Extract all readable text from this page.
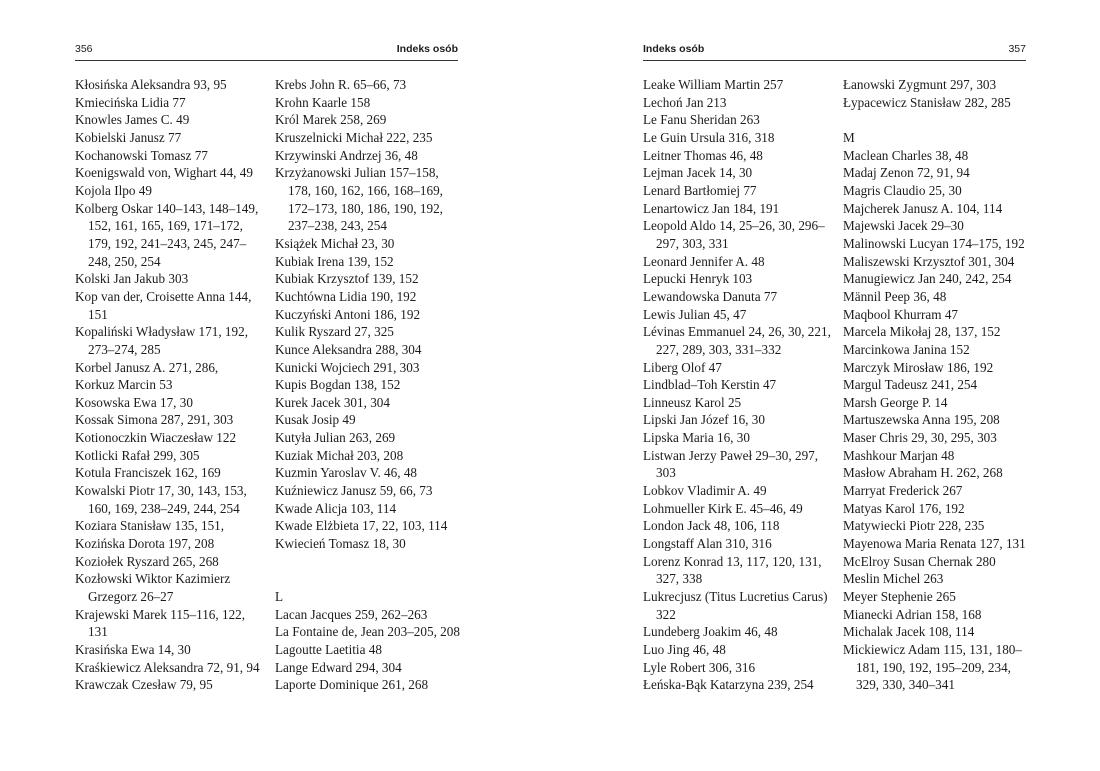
356	Indeks osób
Kłosińska Aleksandra 93, 95
Kmiecińska Lidia 77
Knowles James C. 49
Kobielski Janusz 77
Kochanowski Tomasz 77
Koenigswald von, Wighart 44, 49
Kojola Ilpo 49
Kolberg Oskar 140–143, 148–149, 152, 161, 165, 169, 171–172, 179, 192, 241–243, 245, 247–248, 250, 254
Kolski Jan Jakub 303
Kop van der, Croisette Anna 144, 151
Kopaliński Władysław 171, 192, 273–274, 285
Korbel Janusz A. 271, 286,
Korkuz Marcin 53
Kosowska Ewa 17, 30
Kossak Simona 287, 291, 303
Kotionoczkin Wiaczesław 122
Kotlicki Rafał 299, 305
Kotula Franciszek 162, 169
Kowalski Piotr 17, 30, 143, 153, 160, 169, 238–249, 244, 254
Koziara Stanisław 135, 151,
Kozińska Dorota 197, 208
Koziołek Ryszard 265, 268
Kozłowski Wiktor Kazimierz Grzegorz 26–27
Krajewski Marek 115–116, 122, 131
Krasińska Ewa 14, 30
Kraśkiewicz Aleksandra 72, 91, 94
Krawczak Czesław 79, 95
Krebs John R. 65–66, 73
Krohn Kaarle 158
Król Marek 258, 269
Kruszelnicki Michał 222, 235
Krzywinski Andrzej 36, 48
Krzyżanowski Julian 157–158, 178, 160, 162, 166, 168–169, 172–173, 180, 186, 190, 192, 237–238, 243, 254
Książek Michał 23, 30
Kubiak Irena 139, 152
Kubiak Krzysztof 139, 152
Kuchtówna Lidia 190, 192
Kuczyński Antoni 186, 192
Kulik Ryszard 27, 325
Kunce Aleksandra 288, 304
Kunicki Wojciech 291, 303
Kupis Bogdan 138, 152
Kurek Jacek 301, 304
Kusak Josip 49
Kutyła Julian 263, 269
Kuziak Michał 203, 208
Kuzmin Yaroslav V. 46, 48
Kuźniewicz Janusz 59, 66, 73
Kwade Alicja 103, 114
Kwade Elżbieta 17, 22, 103, 114
Kwiecień Tomasz 18, 30
L
Lacan Jacques 259, 262–263
La Fontaine de, Jean 203–205, 208
Lagoutte Laetitia 48
Lange Edward 294, 304
Laporte Dominique 261, 268
Indeks osób	357
Leake William Martin 257
Lechoń Jan 213
Le Fanu Sheridan 263
Le Guin Ursula 316, 318
Leitner Thomas 46, 48
Lejman Jacek 14, 30
Lenard Bartłomiej 77
Lenartowicz Jan 184, 191
Leopold Aldo 14, 25–26, 30, 296–297, 303, 331
Leonard Jennifer A. 48
Lepucki Henryk 103
Lewandowska Danuta 77
Lewis Julian 45, 47
Lévinas Emmanuel 24, 26, 30, 221, 227, 289, 303, 331–332
Liberg Olof 47
Lindblad–Toh Kerstin 47
Linneusz Karol 25
Lipski Jan Józef 16, 30
Lipska Maria 16, 30
Listwan Jerzy Paweł 29–30, 297, 303
Lobkov Vladimir A. 49
Lohmueller Kirk E. 45–46, 49
London Jack 48, 106, 118
Longstaff Alan 310, 316
Lorenz Konrad 13, 117, 120, 131, 327, 338
Lukrecjusz (Titus Lucretius Carus) 322
Lundeberg Joakim 46, 48
Luo Jing 46, 48
Lyle Robert 306, 316
Łeńska-Bąk Katarzyna 239, 254
Łanowski Zygmunt 297, 303
Łypacewicz Stanisław 282, 285
M
Maclean Charles 38, 48
Madaj Zenon 72, 91, 94
Magris Claudio 25, 30
Majcherek Janusz A. 104, 114
Majewski Jacek 29–30
Malinowski Lucyan 174–175, 192
Maliszewski Krzysztof 301, 304
Manugiewicz Jan 240, 242, 254
Männil Peep 36, 48
Maqbool Khurram 47
Marcela Mikołaj 28, 137, 152
Marcinkowa Janina 152
Marczyk Mirosław 186, 192
Margul Tadeusz 241, 254
Marsh George P. 14
Martuszewska Anna 195, 208
Maser Chris 29, 30, 295, 303
Mashkour Marjan 48
Masłow Abraham H. 262, 268
Marryat Frederick 267
Matyas Karol 176, 192
Matywiecki Piotr 228, 235
Mayenowa Maria Renata 127, 131
McElroy Susan Chernak 280
Meslin Michel 263
Meyer Stephenie 265
Mianecki Adrian 158, 168
Michalak Jacek 108, 114
Mickiewicz Adam 115, 131, 180–181, 190, 192, 195–209, 234, 329, 330, 340–341
